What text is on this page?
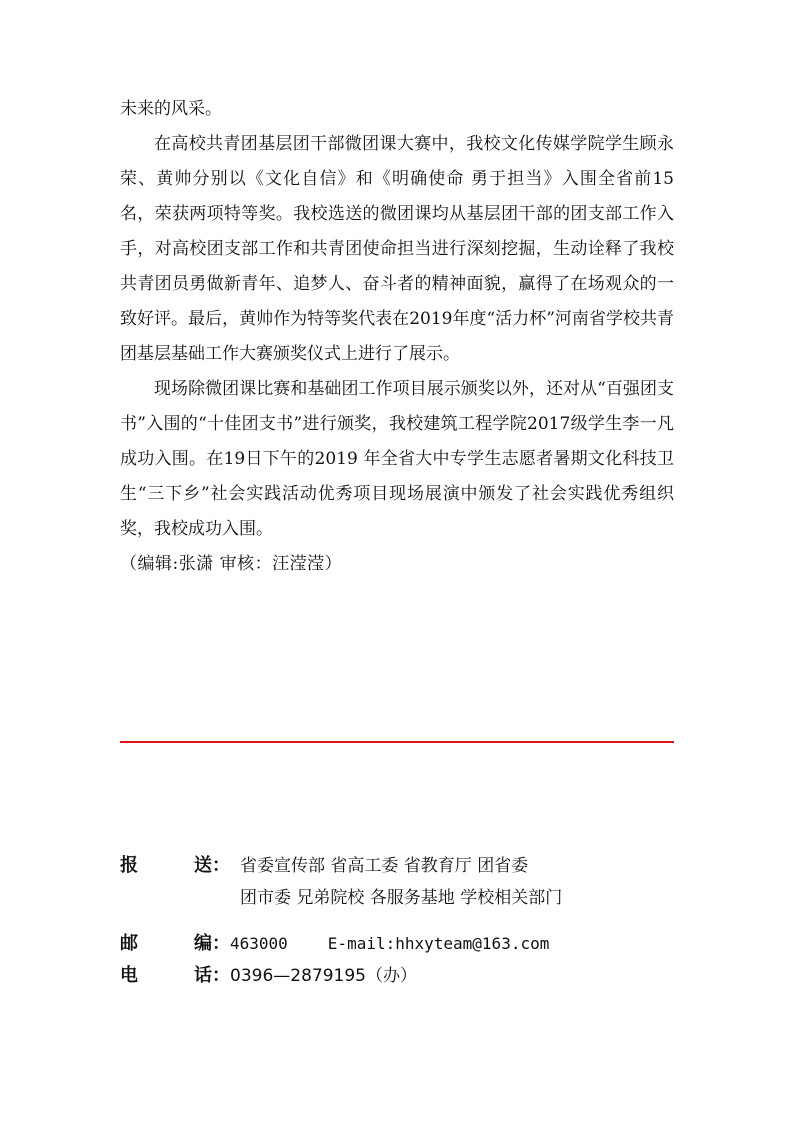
未来的风采。

在高校共青团基层团干部微团课大赛中，我校文化传媒学院学生顾永荣、黄帅分别以《文化自信》和《明确使命 勇于担当》入围全省前15名，荣获两项特等奖。我校选送的微团课均从基层团干部的团支部工作入手，对高校团支部工作和共青团使命担当进行深刻挖掘，生动诠释了我校共青团员勇做新青年、追梦人、奋斗者的精神面貌，赢得了在场观众的一致好评。最后，黄帅作为特等奖代表在2019年度“活力杯”河南省学校共青团基层基础工作大赛颁奖仪式上进行了展示。

现场除微团课比赛和基础团工作项目展示颁奖以外，还对从“百强团支书”入围的“十佳团支书”进行颁奖，我校建筑工程学院2017级学生李一凡成功入围。在19日下午的2019 年全省大中专学生志愿者暑期文化科技卫生“三下乡”社会实践活动优秀项目现场展演中颁发了社会实践优秀组织奖，我校成功入围。

（编辑:张潇 审核：汪滢滢）

报	送 ： 省委宣传部 省高工委 省教育厅 团省委
团市委 兄弟院校 各服务基地 学校相关部门
邮	编 ： 463000	E-mail:hhxyteam@163.com
电	话 ： 0396—2879195（办）
